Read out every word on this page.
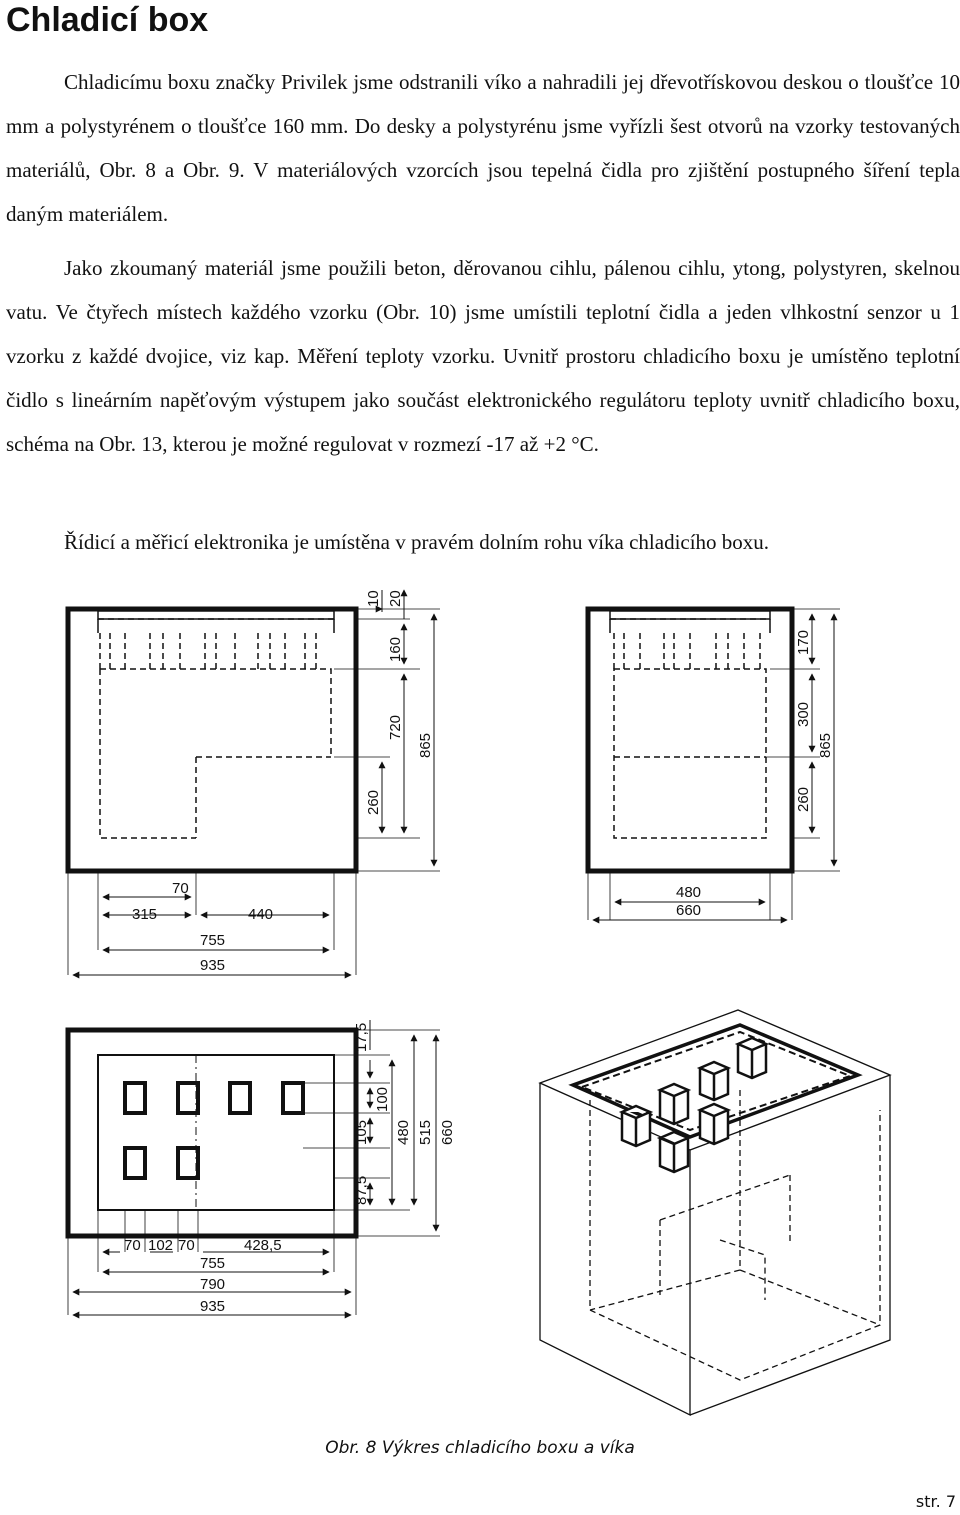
Chladicí box

Chladicímu boxu značky Privilek jsme odstranili víko a nahradili jej dřevotřískovou deskou o tloušťce 10 mm a polystyrénem o tloušťce 160 mm. Do desky a polystyrénu jsme vyřízli šest otvorů na vzorky testovaných materiálů, Obr. 8 a Obr. 9. V materiálových vzorcích jsou tepelná čidla pro zjištění postupného šíření tepla daným materiálem.

Jako zkoumaný materiál jsme použili beton, děrovanou cihlu, pálenou cihlu, ytong, polystyren, skelnou vatu. Ve čtyřech místech každého vzorku (Obr. 10) jsme umístili teplotní čidla a jeden vlhkostní senzor u 1 vzorku z každé dvojice, viz kap. Měření teploty vzorku. Uvnitř prostoru chladicího boxu je umístěno teplotní čidlo s lineárním napěťovým výstupem jako součást elektronického regulátoru teploty uvnitř chladicího boxu, schéma na Obr. 13, kterou je možné regulovat v rozmezí -17 až +2 °C.

Řídicí a měřicí elektronika je umístěna v pravém dolním rohu víka chladicího boxu.

10 20
160
720
865
260
70
315	440
755
935
170
300
865
260
480
660
17,5
100
105 480 515 660
87,5
70 102 70	428,5
755
790
935
Obr. 8 Výkres chladicího boxu a víka
str. 7
